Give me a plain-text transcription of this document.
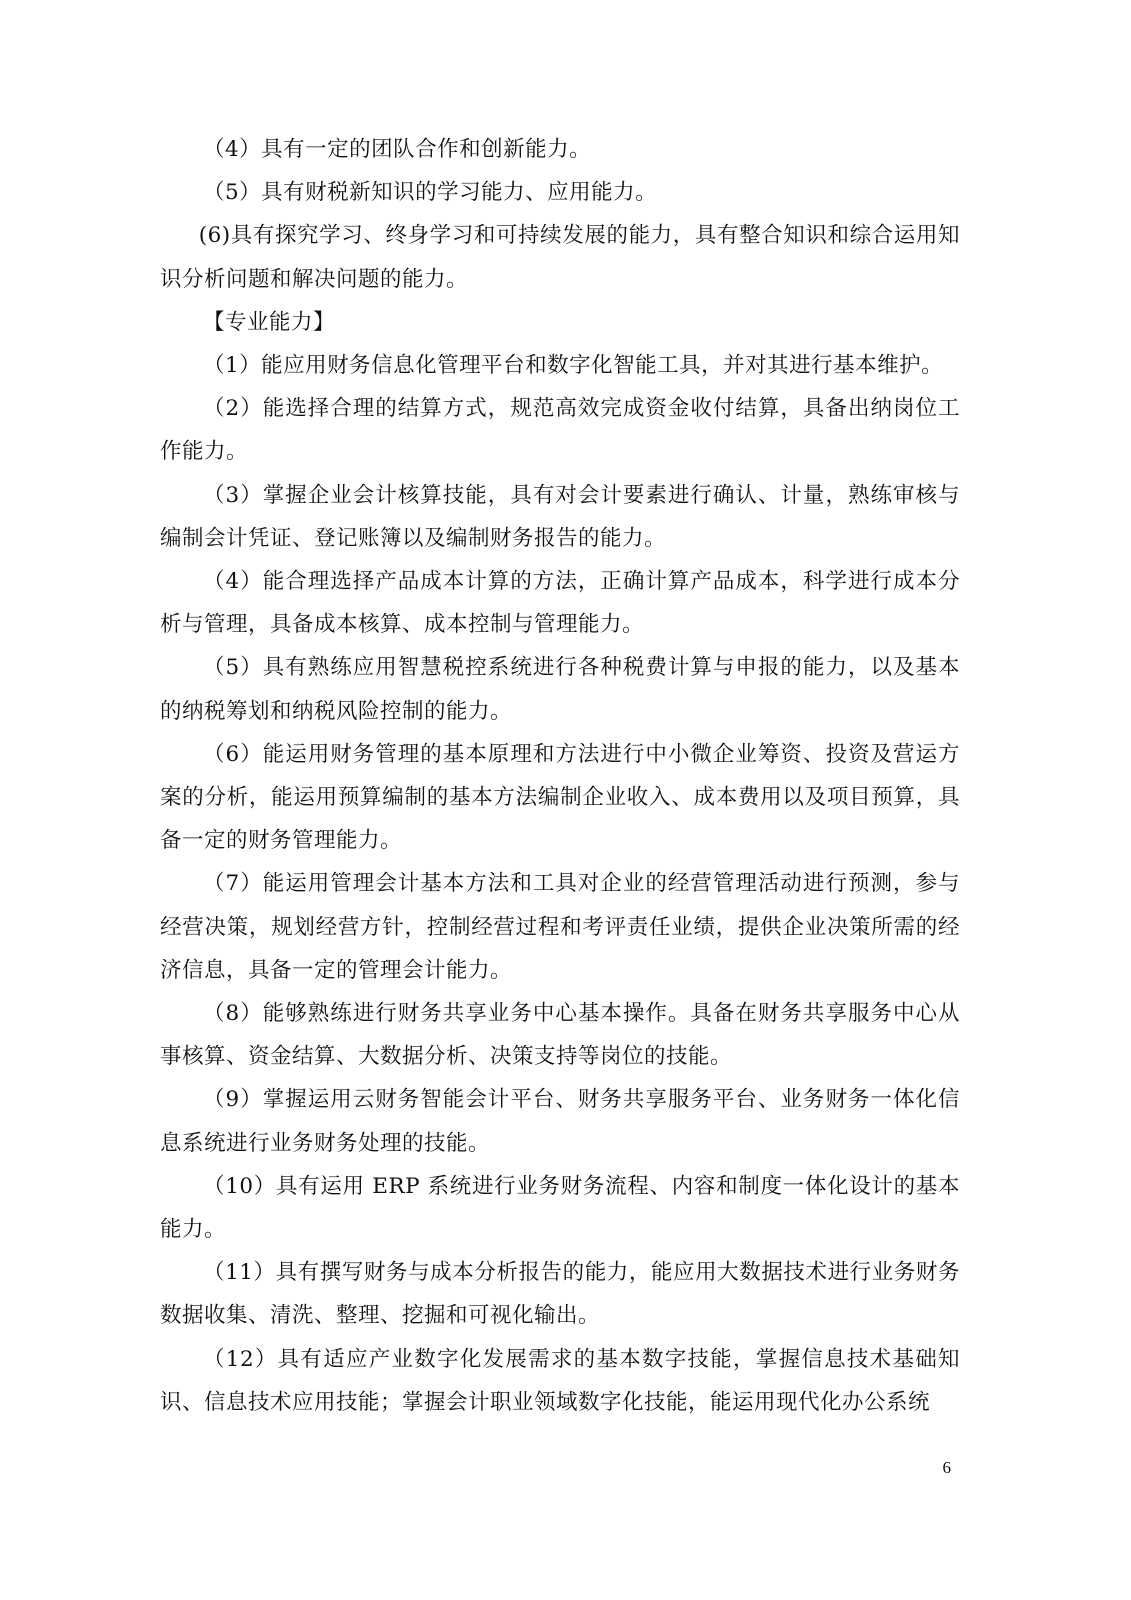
（4）具有一定的团队合作和创新能力。

（5）具有财税新知识的学习能力、应用能力。

(6)具有探究学习、终身学习和可持续发展的能力，具有整合知识和综合运用知识分析问题和解决问题的能力。

【专业能力】

（1）能应用财务信息化管理平台和数字化智能工具，并对其进行基本维护。

（2）能选择合理的结算方式，规范高效完成资金收付结算，具备出纳岗位工作能力。

（3）掌握企业会计核算技能，具有对会计要素进行确认、计量，熟练审核与编制会计凭证、登记账簿以及编制财务报告的能力。

（4）能合理选择产品成本计算的方法，正确计算产品成本，科学进行成本分析与管理，具备成本核算、成本控制与管理能力。

（5）具有熟练应用智慧税控系统进行各种税费计算与申报的能力，以及基本的纳税筹划和纳税风险控制的能力。

（6）能运用财务管理的基本原理和方法进行中小微企业筹资、投资及营运方案的分析，能运用预算编制的基本方法编制企业收入、成本费用以及项目预算，具备一定的财务管理能力。

（7）能运用管理会计基本方法和工具对企业的经营管理活动进行预测，参与经营决策，规划经营方针，控制经营过程和考评责任业绩，提供企业决策所需的经济信息，具备一定的管理会计能力。

（8）能够熟练进行财务共享业务中心基本操作。具备在财务共享服务中心从事核算、资金结算、大数据分析、决策支持等岗位的技能。

（9）掌握运用云财务智能会计平台、财务共享服务平台、业务财务一体化信息系统进行业务财务处理的技能。

（10）具有运用 ERP 系统进行业务财务流程、内容和制度一体化设计的基本能力。

（11）具有撰写财务与成本分析报告的能力，能应用大数据技术进行业务财务数据收集、清洗、整理、挖掘和可视化输出。

（12）具有适应产业数字化发展需求的基本数字技能，掌握信息技术基础知识、信息技术应用技能；掌握会计职业领域数字化技能，能运用现代化办公系统

6
